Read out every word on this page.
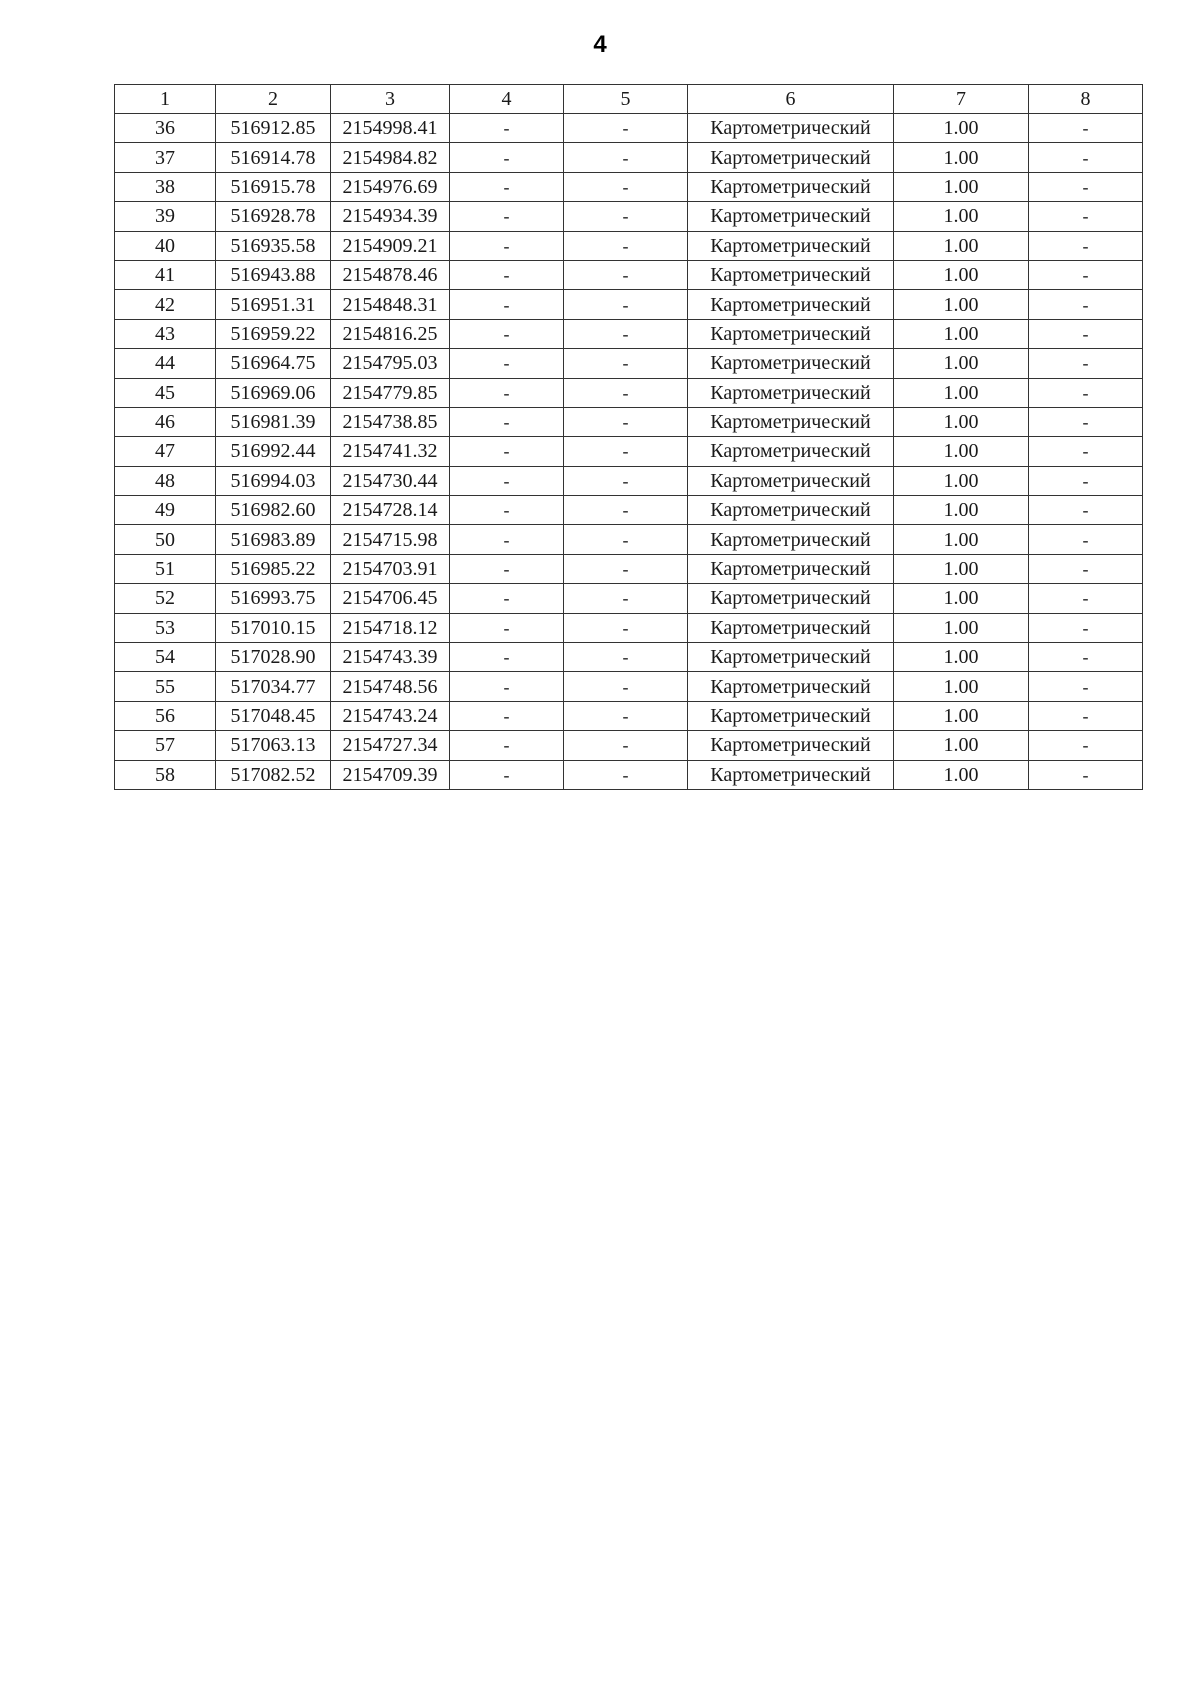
4
1	2	3	4	5	6	7	8
36	516912.85	2154998.41	-	-	Картометрический	1.00	-
37	516914.78	2154984.82	-	-	Картометрический	1.00	-
38	516915.78	2154976.69	-	-	Картометрический	1.00	-
39	516928.78	2154934.39	-	-	Картометрический	1.00	-
40	516935.58	2154909.21	-	-	Картометрический	1.00	-
41	516943.88	2154878.46	-	-	Картометрический	1.00	-
42	516951.31	2154848.31	-	-	Картометрический	1.00	-
43	516959.22	2154816.25	-	-	Картометрический	1.00	-
44	516964.75	2154795.03	-	-	Картометрический	1.00	-
45	516969.06	2154779.85	-	-	Картометрический	1.00	-
46	516981.39	2154738.85	-	-	Картометрический	1.00	-
47	516992.44	2154741.32	-	-	Картометрический	1.00	-
48	516994.03	2154730.44	-	-	Картометрический	1.00	-
49	516982.60	2154728.14	-	-	Картометрический	1.00	-
50	516983.89	2154715.98	-	-	Картометрический	1.00	-
51	516985.22	2154703.91	-	-	Картометрический	1.00	-
52	516993.75	2154706.45	-	-	Картометрический	1.00	-
53	517010.15	2154718.12	-	-	Картометрический	1.00	-
54	517028.90	2154743.39	-	-	Картометрический	1.00	-
55	517034.77	2154748.56	-	-	Картометрический	1.00	-
56	517048.45	2154743.24	-	-	Картометрический	1.00	-
57	517063.13	2154727.34	-	-	Картометрический	1.00	-
58	517082.52	2154709.39	-	-	Картометрический	1.00	-
